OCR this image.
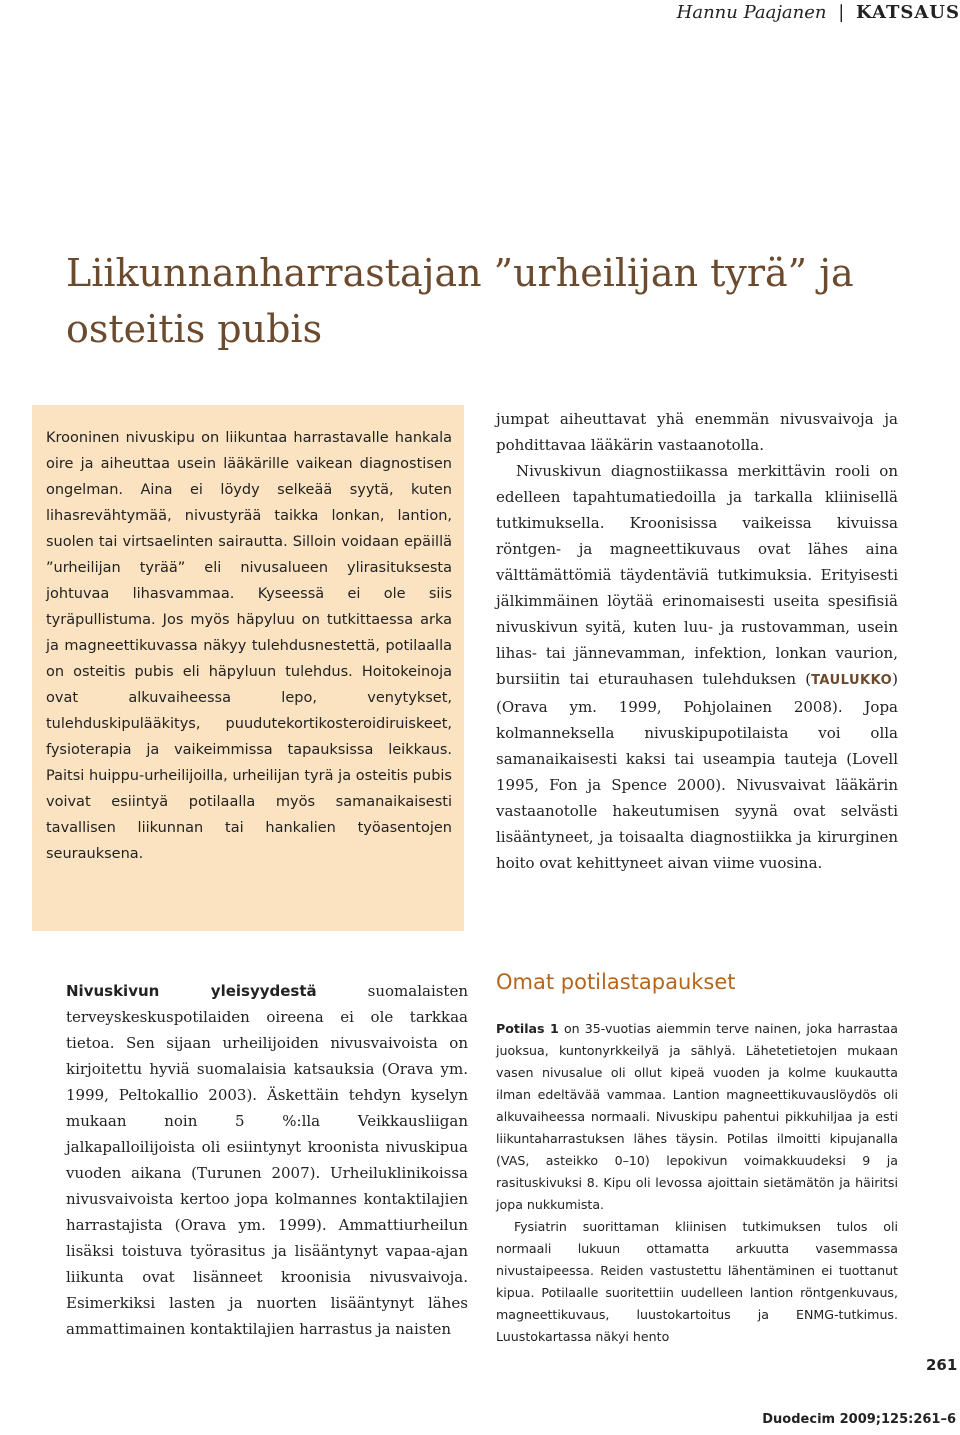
Hannu Paajanen | KATSAUS
Liikunnanharrastajan ”urheilijan tyrä” ja osteitis pubis

Krooninen nivuskipu on liikuntaa harrastavalle hankala oire ja aiheuttaa usein lääkärille vaikean diagnostisen ongelman. Aina ei löydy selkeää syytä, kuten lihasrevähtymää, nivustyrää taikka lonkan, lantion, suolen tai virtsaelinten sairautta. Silloin voidaan epäillä ”urheilijan tyrää” eli nivusalueen ylirasituksesta johtuvaa lihasvammaa. Kyseessä ei ole siis tyräpullistuma. Jos myös häpyluu on tutkittaessa arka ja magneettikuvassa näkyy tulehdusnestettä, potilaalla on osteitis pubis eli häpyluun tulehdus. Hoitokeinoja ovat alkuvaiheessa lepo, venytykset, tulehduskipulääkitys, puudutekortikosteroidiruiskeet, fysioterapia ja vaikeimmissa tapauksissa leikkaus. Paitsi huippu-urheilijoilla, urheilijan tyrä ja osteitis pubis voivat esiintyä potilaalla myös samanaikaisesti tavallisen liikunnan tai hankalien työasentojen seurauksena.

jumpat aiheuttavat yhä enemmän nivusvaivoja ja pohdittavaa lääkärin vastaanotolla.

Nivuskivun diagnostiikassa merkittävin rooli on edelleen tapahtumatiedoilla ja tarkalla kliinisellä tutkimuksella. Kroonisissa vaikeissa kivuissa röntgen- ja magneettikuvaus ovat lähes aina välttämättömiä täydentäviä tutkimuksia. Erityisesti jälkimmäinen löytää erinomaisesti useita spesifisiä nivuskivun syitä, kuten luu- ja rustovamman, usein lihas- tai jännevamman, infektion, lonkan vaurion, bursiitin tai eturauhasen tulehduksen (TAULUKKO) (Orava ym. 1999, Pohjolainen 2008). Jopa kolmanneksella nivuskipupotilaista voi olla samanaikaisesti kaksi tai useampia tauteja (Lovell 1995, Fon ja Spence 2000). Nivusvaivat lääkärin vastaanotolle hakeutumisen syynä ovat selvästi lisääntyneet, ja toisaalta diagnostiikka ja kirurginen hoito ovat kehittyneet aivan viime vuosina.

Nivuskivun yleisyydestä suomalaisten terveyskeskuspotilaiden oireena ei ole tarkkaa tietoa. Sen sijaan urheilijoiden nivusvaivoista on kirjoitettu hyviä suomalaisia katsauksia (Orava ym. 1999, Peltokallio 2003). Äskettäin tehdyn kyselyn mukaan noin 5 %:lla Veikkausliigan jalkapalloilijoista oli esiintynyt kroonista nivuskipua vuoden aikana (Turunen 2007). Urheiluklinikoissa nivusvaivoista kertoo jopa kolmannes kontaktilajien harrastajista (Orava ym. 1999). Ammattiurheilun lisäksi toistuva työrasitus ja lisääntynyt vapaa-ajan liikunta ovat lisänneet kroonisia nivusvaivoja. Esimerkiksi lasten ja nuorten lisääntynyt lähes ammattimainen kontaktilajien harrastus ja naisten

Omat potilastapaukset

Potilas 1 on 35-vuotias aiemmin terve nainen, joka harrastaa juoksua, kuntonyrkkeilyä ja sählyä. Lähetetietojen mukaan vasen nivusalue oli ollut kipeä vuoden ja kolme kuukautta ilman edeltävää vammaa. Lantion magneettikuvauslöydös oli alkuvaiheessa normaali. Nivuskipu pahentui pikkuhiljaa ja esti liikuntaharrastuksen lähes täysin. Potilas ilmoitti kipujanalla (VAS, asteikko 0–10) lepokivun voimakkuudeksi 9 ja rasituskivuksi 8. Kipu oli levossa ajoittain sietämätön ja häiritsi jopa nukkumista.

Fysiatrin suorittaman kliinisen tutkimuksen tulos oli normaali lukuun ottamatta arkuutta vasemmassa nivustaipeessa. Reiden vastustettu lähentäminen ei tuottanut kipua. Potilaalle suoritettiin uudelleen lantion röntgenkuvaus, magneettikuvaus, luustokartoitus ja ENMG-tutkimus. Luustokartassa näkyi hento

261
Duodecim 2009;125:261–6
